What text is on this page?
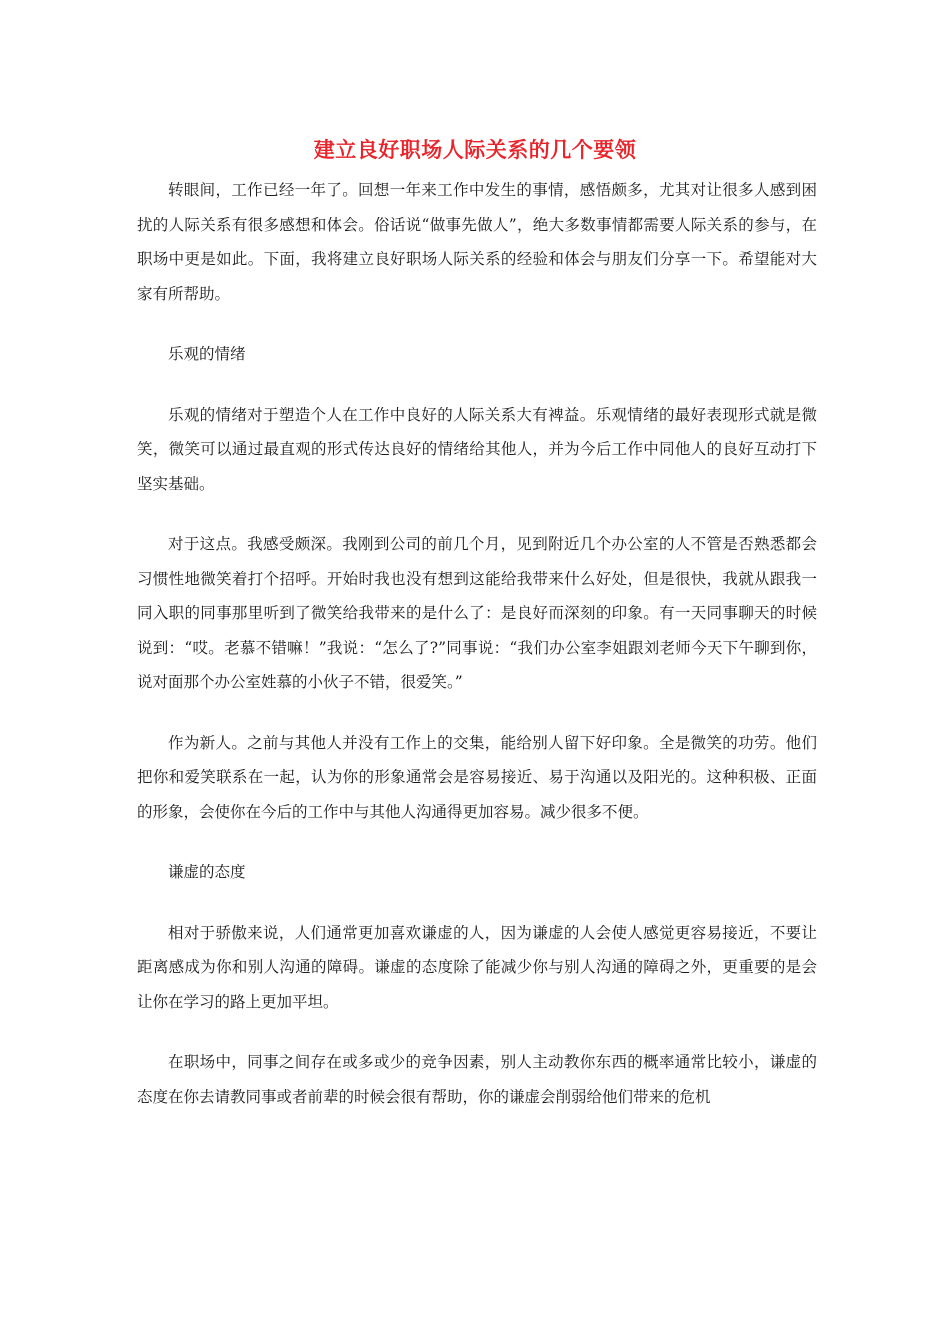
建立良好职场人际关系的几个要领

转眼间，工作已经一年了。回想一年来工作中发生的事情，感悟颇多，尤其对让很多人感到困扰的人际关系有很多感想和体会。俗话说“做事先做人”，绝大多数事情都需要人际关系的参与，在职场中更是如此。下面，我将建立良好职场人际关系的经验和体会与朋友们分享一下。希望能对大家有所帮助。

乐观的情绪

乐观的情绪对于塑造个人在工作中良好的人际关系大有裨益。乐观情绪的最好表现形式就是微笑，微笑可以通过最直观的形式传达良好的情绪给其他人，并为今后工作中同他人的良好互动打下坚实基础。

对于这点。我感受颇深。我刚到公司的前几个月，见到附近几个办公室的人不管是否熟悉都会习惯性地微笑着打个招呼。开始时我也没有想到这能给我带来什么好处，但是很快，我就从跟我一同入职的同事那里听到了微笑给我带来的是什么了：是良好而深刻的印象。有一天同事聊天的时候说到：“哎。老慕不错嘛！”我说：“怎么了?”同事说：“我们办公室李姐跟刘老师今天下午聊到你，说对面那个办公室姓慕的小伙子不错，很爱笑。”

作为新人。之前与其他人并没有工作上的交集，能给别人留下好印象。全是微笑的功劳。他们把你和爱笑联系在一起，认为你的形象通常会是容易接近、易于沟通以及阳光的。这种积极、正面的形象，会使你在今后的工作中与其他人沟通得更加容易。减少很多不便。

谦虚的态度

相对于骄傲来说，人们通常更加喜欢谦虚的人，因为谦虚的人会使人感觉更容易接近，不要让距离感成为你和别人沟通的障碍。谦虚的态度除了能减少你与别人沟通的障碍之外，更重要的是会让你在学习的路上更加平坦。

在职场中，同事之间存在或多或少的竞争因素，别人主动教你东西的概率通常比较小，谦虚的态度在你去请教同事或者前辈的时候会很有帮助，你的谦虚会削弱给他们带来的危机
